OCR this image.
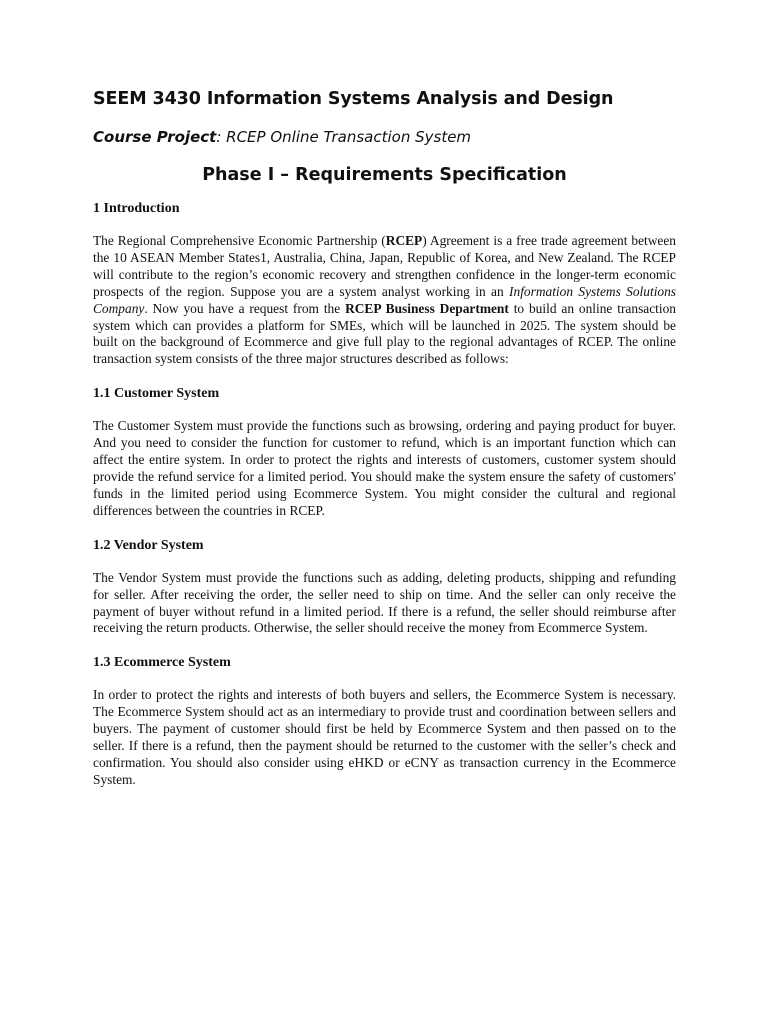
SEEM 3430 Information Systems Analysis and Design

Course Project: RCEP Online Transaction System

Phase I – Requirements Specification
1 Introduction

The Regional Comprehensive Economic Partnership (RCEP) Agreement is a free trade agreement between the 10 ASEAN Member States1, Australia, China, Japan, Republic of Korea, and New Zealand. The RCEP will contribute to the region’s economic recovery and strengthen confidence in the longer-term economic prospects of the region. Suppose you are a system analyst working in an Information Systems Solutions Company. Now you have a request from the RCEP Business Department to build an online transaction system which can provides a platform for SMEs, which will be launched in 2025. The system should be built on the background of Ecommerce and give full play to the regional advantages of RCEP. The online transaction system consists of the three major structures described as follows:

1.1 Customer System

The Customer System must provide the functions such as browsing, ordering and paying product for buyer. And you need to consider the function for customer to refund, which is an important function which can affect the entire system. In order to protect the rights and interests of customers, customer system should provide the refund service for a limited period. You should make the system ensure the safety of customers' funds in the limited period using Ecommerce System. You might consider the cultural and regional differences between the countries in RCEP.

1.2 Vendor System

The Vendor System must provide the functions such as adding, deleting products, shipping and refunding for seller. After receiving the order, the seller need to ship on time. And the seller can only receive the payment of buyer without refund in a limited period. If there is a refund, the seller should reimburse after receiving the return products. Otherwise, the seller should receive the money from Ecommerce System.

1.3 Ecommerce System

In order to protect the rights and interests of both buyers and sellers, the Ecommerce System is necessary. The Ecommerce System should act as an intermediary to provide trust and coordination between sellers and buyers. The payment of customer should first be held by Ecommerce System and then passed on to the seller. If there is a refund, then the payment should be returned to the customer with the seller’s check and confirmation. You should also consider using eHKD or eCNY as transaction currency in the Ecommerce System.
